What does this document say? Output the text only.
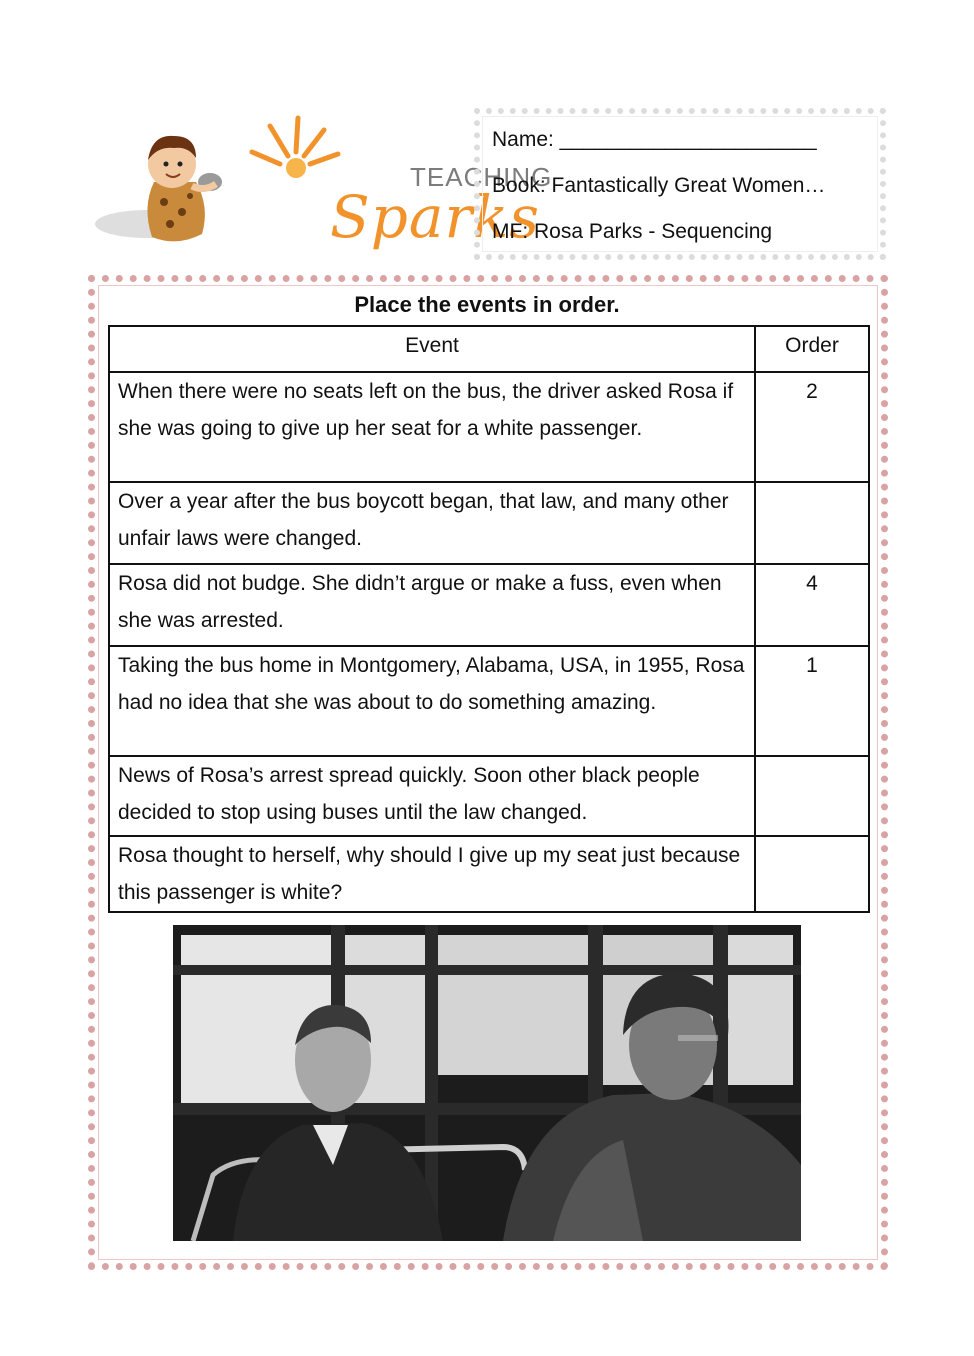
TEACHING
Sparks
Name: ______________________
Book: Fantastically Great Women…
MF: Rosa Parks - Sequencing
Place the events in order.
Event	Order
When there were no seats left on the bus, the driver asked Rosa if she was going to give up her seat for a white passenger.	2
Over a year after the bus boycott began, that law, and many other unfair laws were changed.	
Rosa did not budge. She didn’t argue or make a fuss, even when she was arrested.	4
Taking the bus home in Montgomery, Alabama, USA, in 1955, Rosa had no idea that she was about to do something amazing.	1
News of Rosa’s arrest spread quickly. Soon other black people decided to stop using buses until the law changed.	
Rosa thought to herself, why should I give up my seat just because this passenger is white?	
